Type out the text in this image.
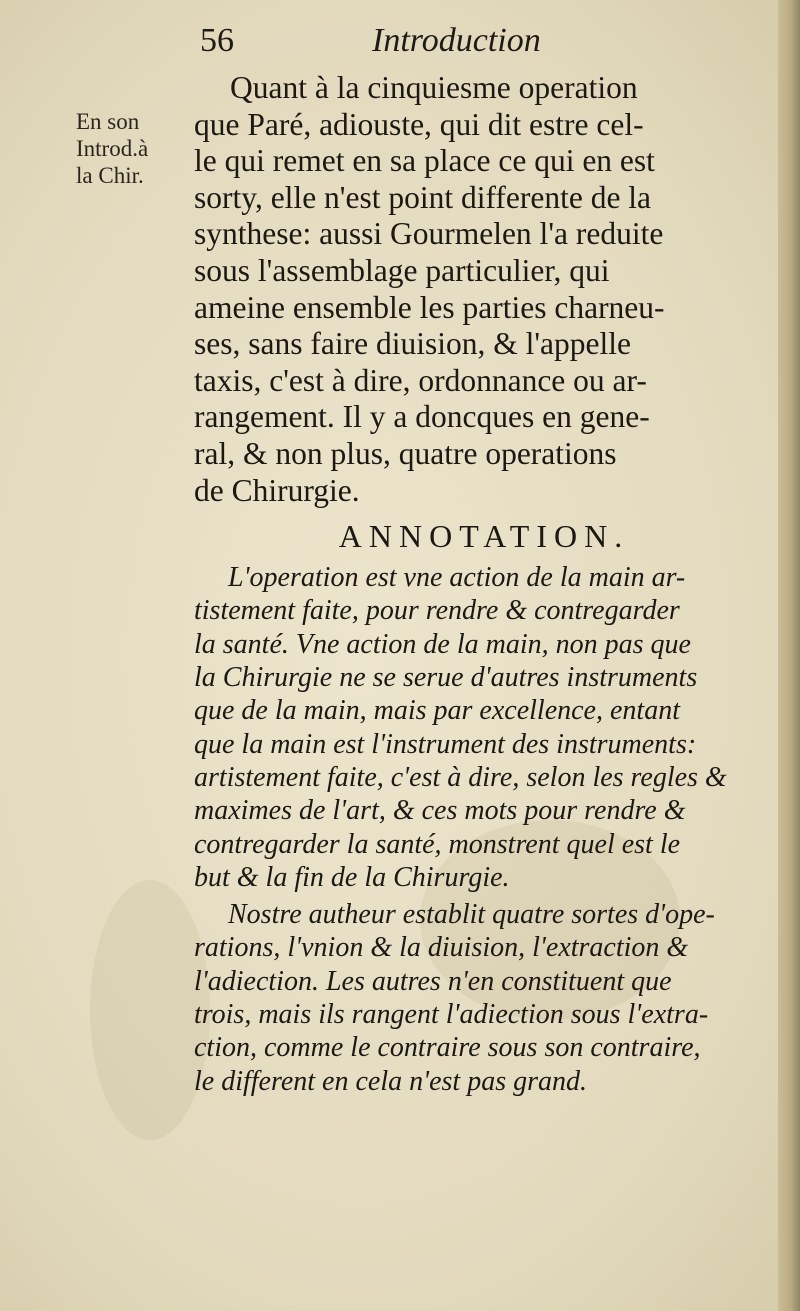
56	Introduction
En son
Introd.à
la Chir.
Quant à la cinquiesme operation
que Paré, adiouste, qui dit estre cel-
le qui remet en sa place ce qui en est
sorty, elle n'est point differente de la
synthese: aussi Gourmelen l'a reduite
sous l'assemblage particulier, qui
ameine ensemble les parties charneu-
ses, sans faire diuision, & l'appelle
taxis, c'est à dire, ordonnance ou ar-
rangement. Il y a doncques en gene-
ral, & non plus, quatre operations
de Chirurgie.
ANNOTATION.
L'operation est vne action de la main ar-
tistement faite, pour rendre & contregarder
la santé. Vne action de la main, non pas que
la Chirurgie ne se serue d'autres instruments
que de la main, mais par excellence, entant
que la main est l'instrument des instruments:
artistement faite, c'est à dire, selon les regles &
maximes de l'art, & ces mots pour rendre &
contregarder la santé, monstrent quel est le
but & la fin de la Chirurgie.
Nostre autheur establit quatre sortes d'ope-
rations, l'vnion & la diuision, l'extraction &
l'adiection. Les autres n'en constituent que
trois, mais ils rangent l'adiection sous l'extra-
ction, comme le contraire sous son contraire,
le different en cela n'est pas grand.
